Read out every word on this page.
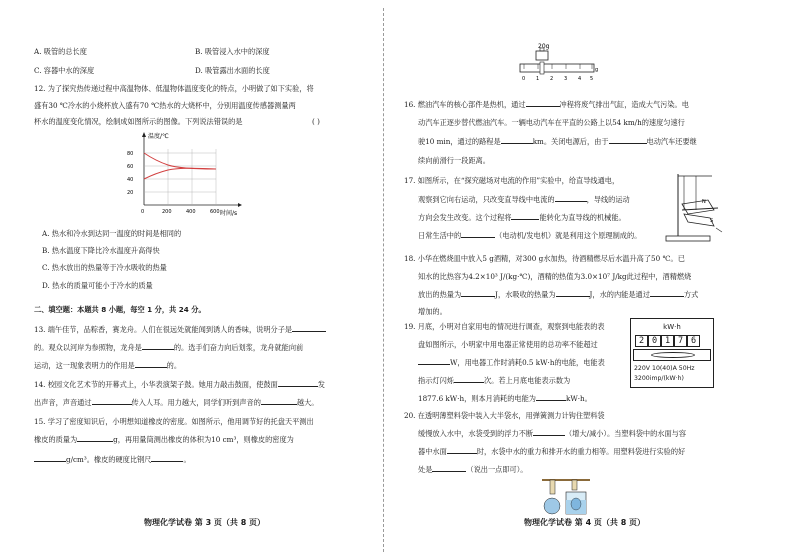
A. 吸管的总长度	B. 吸管浸入水中的深度
C. 容器中水的深度	D. 吸管露出水面的长度
12. 为了探究热传递过程中高温物体、低温物体温度变化的特点，小明做了如下实验，将
盛有30 ℃冷水的小烧杯放入盛有70 ℃热水的大烧杯中，分别用温度传感器测量两
杯水的温度变化情况，绘制成如图所示的图像。下列说法错误的是	( )
温度/℃
80
60
40
20
0	200	400	600 时间/s
A. 热水和冷水到达同一温度的时间是相同的
B. 热水温度下降比冷水温度升高得快
C. 热水放出的热量等于冷水吸收的热量
D. 热水的质量可能小于冷水的质量
二、填空题：本题共 8 小题，每空 1 分，共 24 分。
13. 端午佳节，品粽香，赛龙舟。人们在很远处就能闻到诱人的香味，说明分子是
的。观众以河岸为参照物，龙舟是	的。选手们奋力向后划浆，龙舟就能向前
运动，这一现象表明力的作用是	的。
14. 校园文化艺术节的开幕式上，小华表演架子鼓。她用力敲击鼓面，使鼓面	发
出声音，声音通过	传入人耳。用力越大，同学们听到声音的	越大。
15. 学习了密度知识后，小明想知道橡皮的密度。如图所示，他用调节好的托盘天平测出
橡皮的质量为	g，再用量筒测出橡皮的体积为10 cm³，则橡皮的密度为
g/cm³。橡皮的硬度比钢尺	。
物理化学试卷 第 3 页（共 8 页）
20g
0 1 2 3 4 5
g
16. 燃油汽车的核心部件是热机，通过	冲程将废气排出气缸，造成大气污染。电
动汽车正逐步替代燃油汽车。一辆电动汽车在平直的公路上以54 km/h的速度匀速行
驶10 min，通过的路程是	km。关闭电源后，由于	电动汽车还要继
续向前滑行一段距离。
17. 如图所示，在“探究磁场对电流的作用”实验中，给直导线通电，
观察到它向右运动，只改变直导线中电流的	，导线的运动
方向会发生改变。这个过程将	能转化为直导线的机械能。
日常生活中的	（电动机/发电机）就是利用这个原理制成的。
N
S
18. 小华在燃烧皿中放入5 g酒精，对300 g水加热，待酒精燃尽后水温升高了50 ℃。已
知水的比热容为4.2×10³ J/(kg·℃)，酒精的热值为3.0×10⁷ J/kg此过程中，酒精燃烧
放出的热量为	J，水吸收的热量为	J，水的内能是通过	方式
增加的。
19. 月底，小明对自家用电的情况进行调查，观察到电能表的表
盘如图所示，小明家中用电器正常使用的总功率不能超过
W，用电器工作时消耗0.5 kW·h的电能，电能表
指示灯闪烁	次。若上月底电能表示数为
1877.6 kW·h，则本月消耗的电能为	kW·h。
kW·h
2 0 1 7 6
220V 10(40)A 50Hz
3200imp/(kW·h)
20. 在透明薄塑料袋中装入大半袋水，用弹簧测力计钩住塑料袋
缓慢放入水中，水袋受到的浮力不断	（增大/减小）。当塑料袋中的水面与容
器中水面	时，水袋中水的重力和排开水的重力相等。用塑料袋进行实验的好
处是	（说出一点即可）。
物理化学试卷 第 4 页（共 8 页）
